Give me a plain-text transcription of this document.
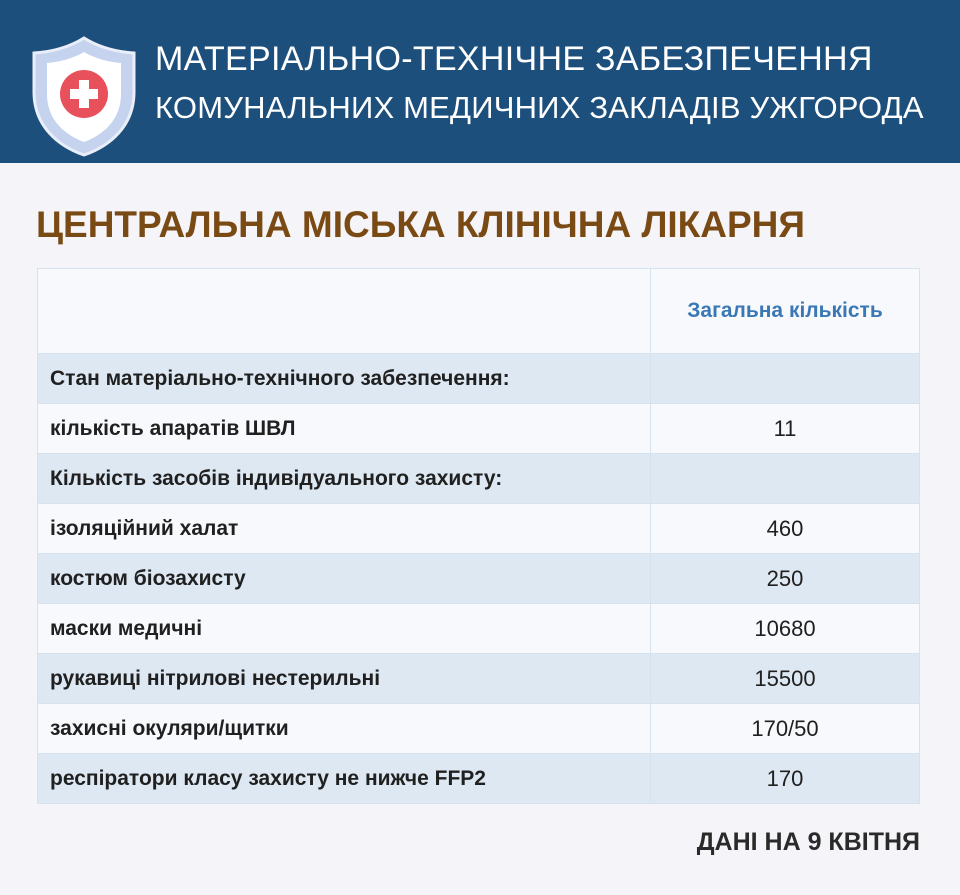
МАТЕРІАЛЬНО-ТЕХНІЧНЕ ЗАБЕЗПЕЧЕННЯ
КОМУНАЛЬНИХ МЕДИЧНИХ ЗАКЛАДІВ УЖГОРОДА
ЦЕНТРАЛЬНА МІСЬКА КЛІНІЧНА ЛІКАРНЯ
	Загальна кількість
Стан матеріально-технічного забезпечення:	
кількість апаратів ШВЛ	11
Кількість засобів індивідуального захисту:	
ізоляційний халат	460
костюм біозахисту	250
маски медичні	10680
рукавиці нітрилові нестерильні	15500
захисні окуляри/щитки	170/50
респіратори класу захисту не нижче FFP2	170
ДАНІ НА 9 КВІТНЯ
